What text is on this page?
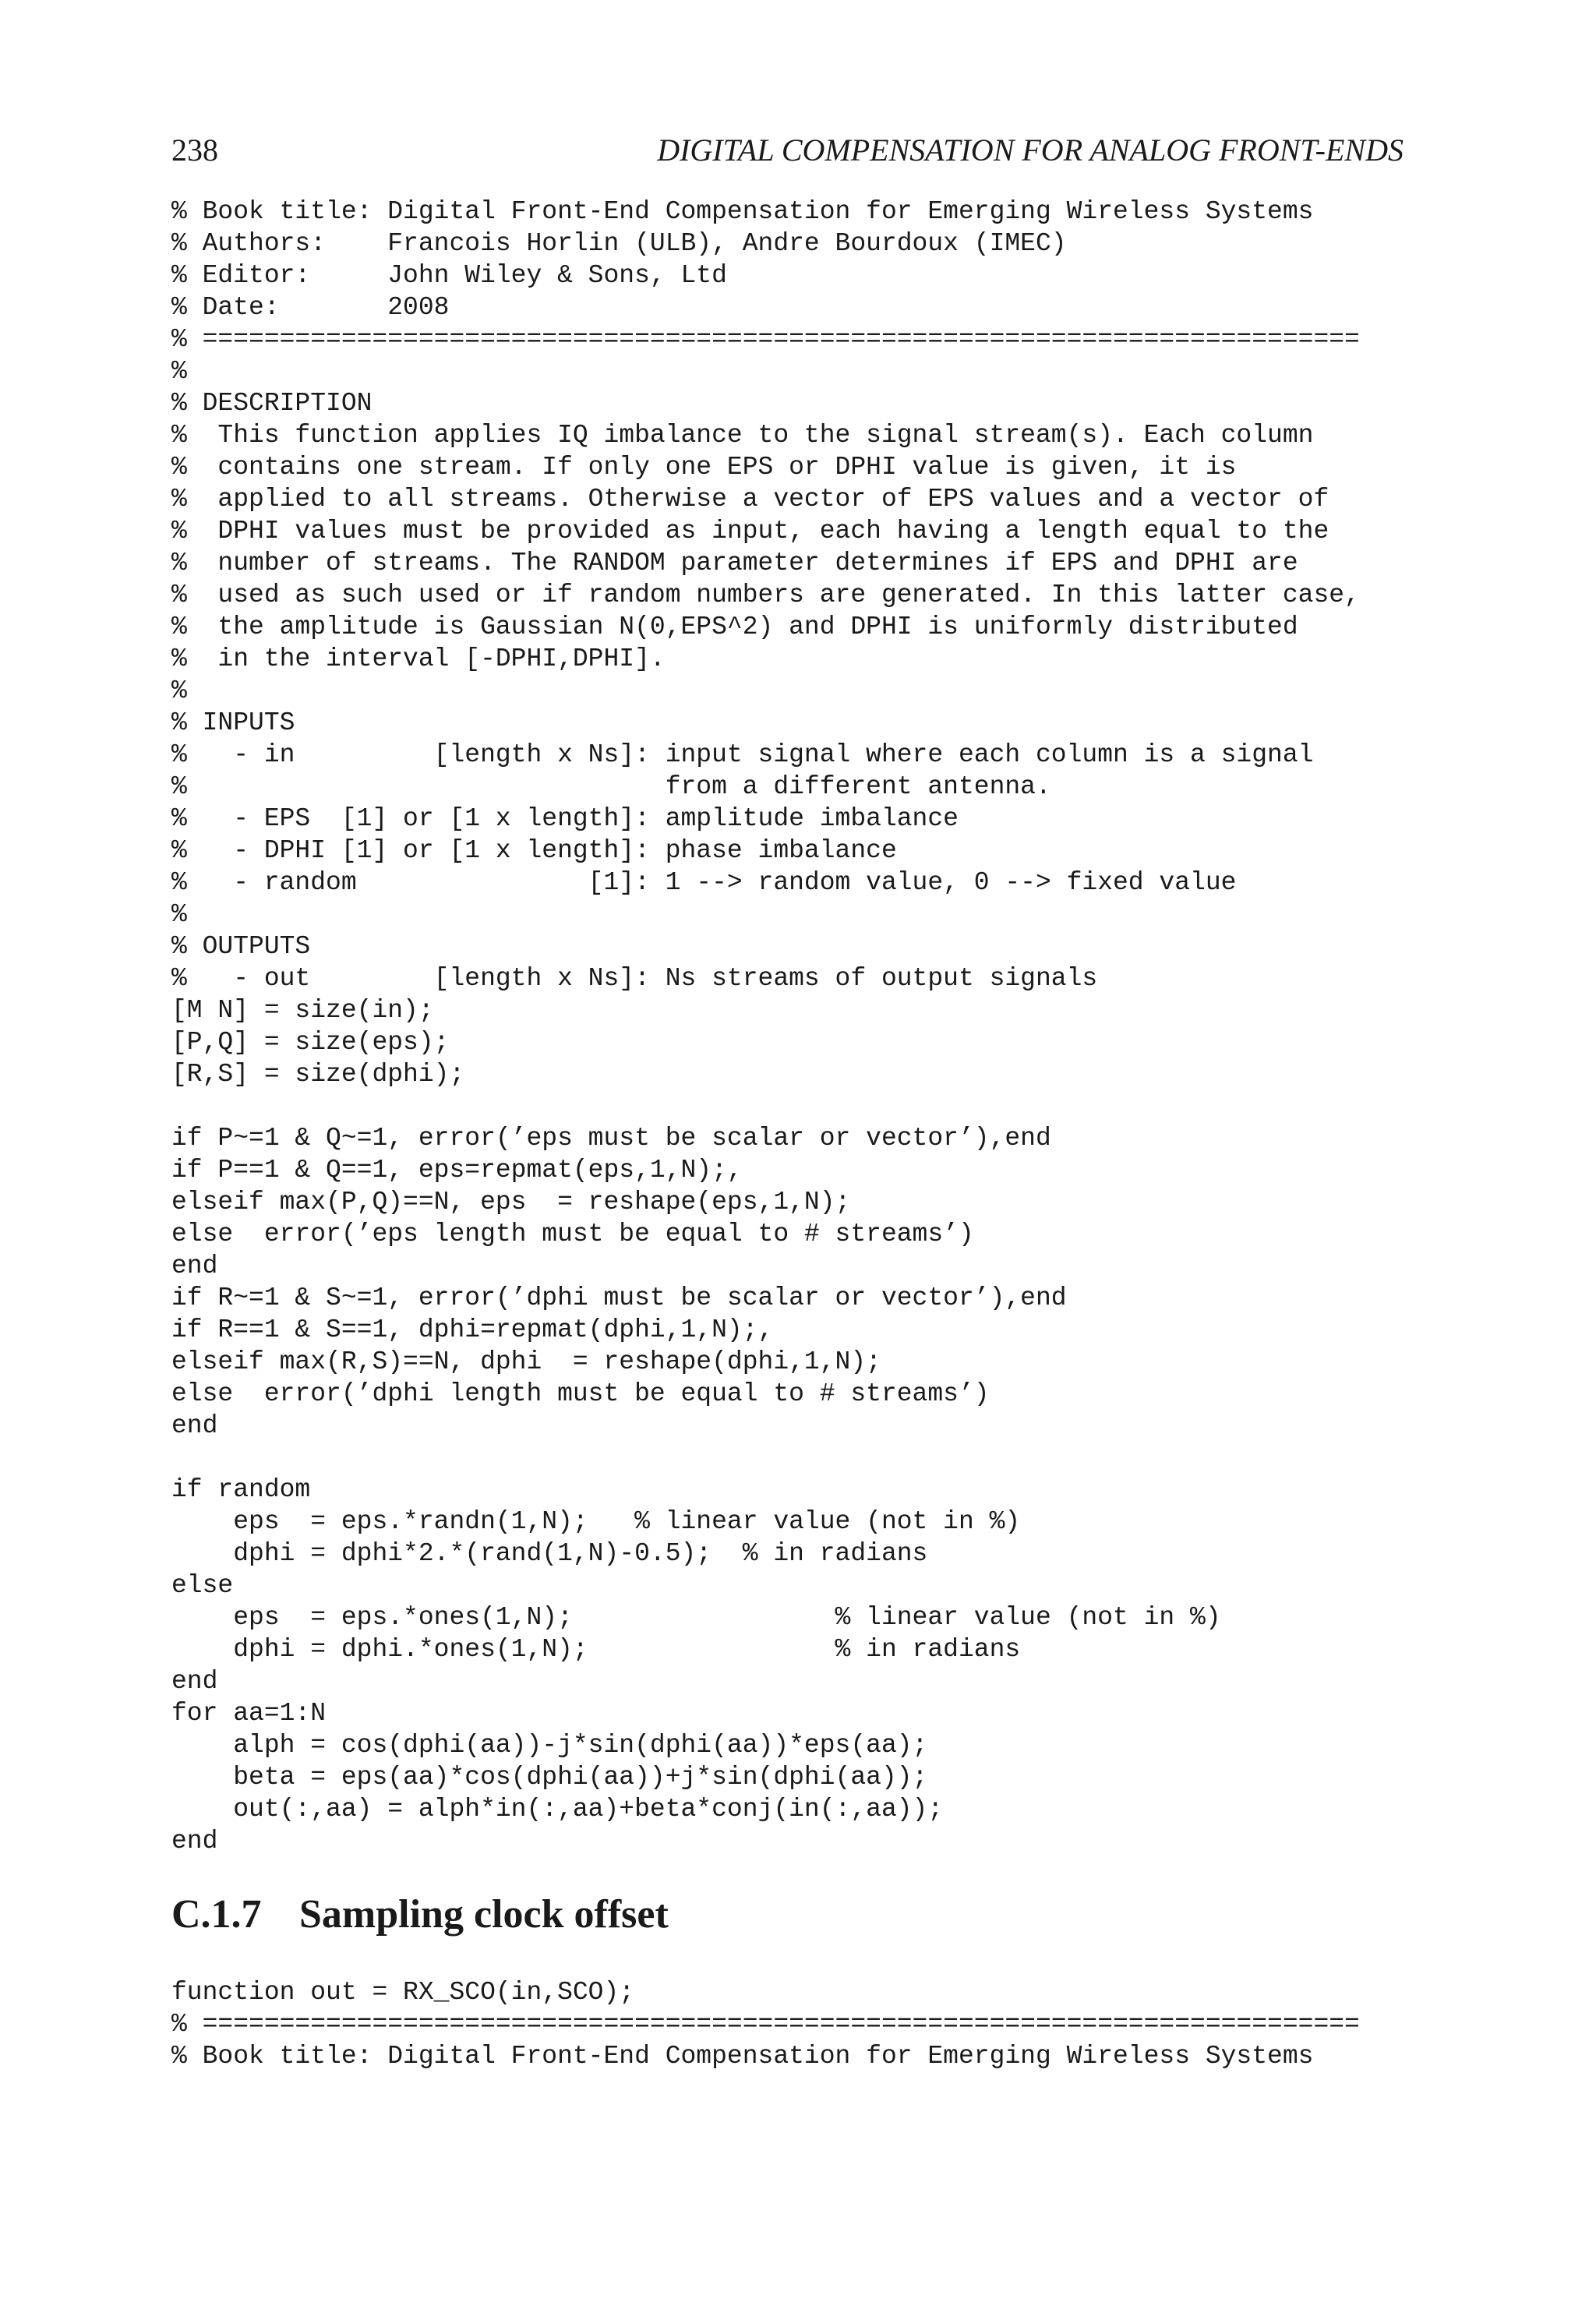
238	DIGITAL COMPENSATION FOR ANALOG FRONT-ENDS
% Book title: Digital Front-End Compensation for Emerging Wireless Systems
% Authors:    Francois Horlin (ULB), Andre Bourdoux (IMEC)
% Editor:     John Wiley & Sons, Ltd
% Date:       2008
% ===========================================================================
%
% DESCRIPTION
%  This function applies IQ imbalance to the signal stream(s). Each column
%  contains one stream. If only one EPS or DPHI value is given, it is
%  applied to all streams. Otherwise a vector of EPS values and a vector of
%  DPHI values must be provided as input, each having a length equal to the
%  number of streams. The RANDOM parameter determines if EPS and DPHI are
%  used as such used or if random numbers are generated. In this latter case,
%  the amplitude is Gaussian N(0,EPS^2) and DPHI is uniformly distributed
%  in the interval [-DPHI,DPHI].
%
% INPUTS
%   - in         [length x Ns]: input signal where each column is a signal
%                               from a different antenna.
%   - EPS  [1] or [1 x length]: amplitude imbalance
%   - DPHI [1] or [1 x length]: phase imbalance
%   - random               [1]: 1 --> random value, 0 --> fixed value
%
% OUTPUTS
%   - out        [length x Ns]: Ns streams of output signals
[M N] = size(in);
[P,Q] = size(eps);
[R,S] = size(dphi);

if P~=1 & Q~=1, error(’eps must be scalar or vector’),end
if P==1 & Q==1, eps=repmat(eps,1,N);,
elseif max(P,Q)==N, eps  = reshape(eps,1,N);
else  error(’eps length must be equal to # streams’)
end
if R~=1 & S~=1, error(’dphi must be scalar or vector’),end
if R==1 & S==1, dphi=repmat(dphi,1,N);,
elseif max(R,S)==N, dphi  = reshape(dphi,1,N);
else  error(’dphi length must be equal to # streams’)
end

if random
eps  = eps.*randn(1,N);   % linear value (not in %)
dphi = dphi*2.*(rand(1,N)-0.5);  % in radians
else
eps  = eps.*ones(1,N);                 % linear value (not in %)
dphi = dphi.*ones(1,N);                % in radians
end
for aa=1:N
alph = cos(dphi(aa))-j*sin(dphi(aa))*eps(aa);
beta = eps(aa)*cos(dphi(aa))+j*sin(dphi(aa));
out(:,aa) = alph*in(:,aa)+beta*conj(in(:,aa));
end
C.1.7 Sampling clock offset
function out = RX_SCO(in,SCO);
% ===========================================================================
% Book title: Digital Front-End Compensation for Emerging Wireless Systems
